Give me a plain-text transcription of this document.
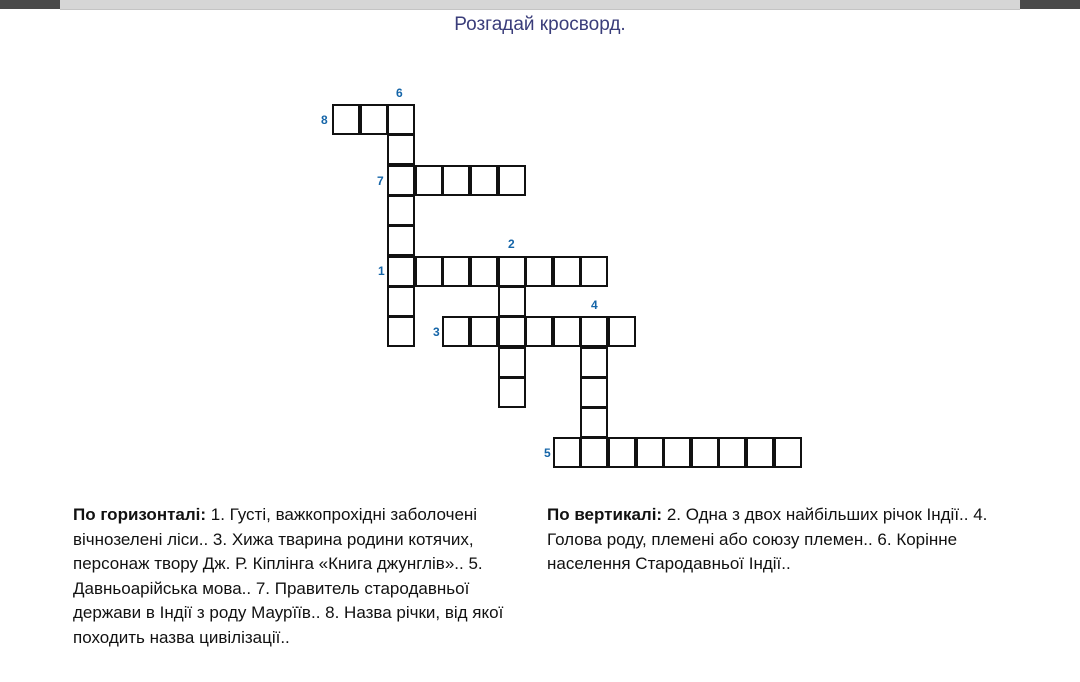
Розгадай кросворд.
8
6
7
2
1
4
3
5
По горизонталі: 1. Густі, важкопрохідні заболочені вічнозелені ліси.. 3. Хижа тварина родини котячих, персонаж твору Дж. Р. Кіплінга «Книга джунглів».. 5. Давньоарійська мова.. 7. Правитель стародавньої держави в Індії з роду Маурїїв.. 8. Назва річки, від якої походить назва цивілізації..
По вертикалі: 2. Одна з двох найбільших річок Індії.. 4. Голова роду, племені або союзу племен.. 6. Корінне населення Стародавньої Індії..
